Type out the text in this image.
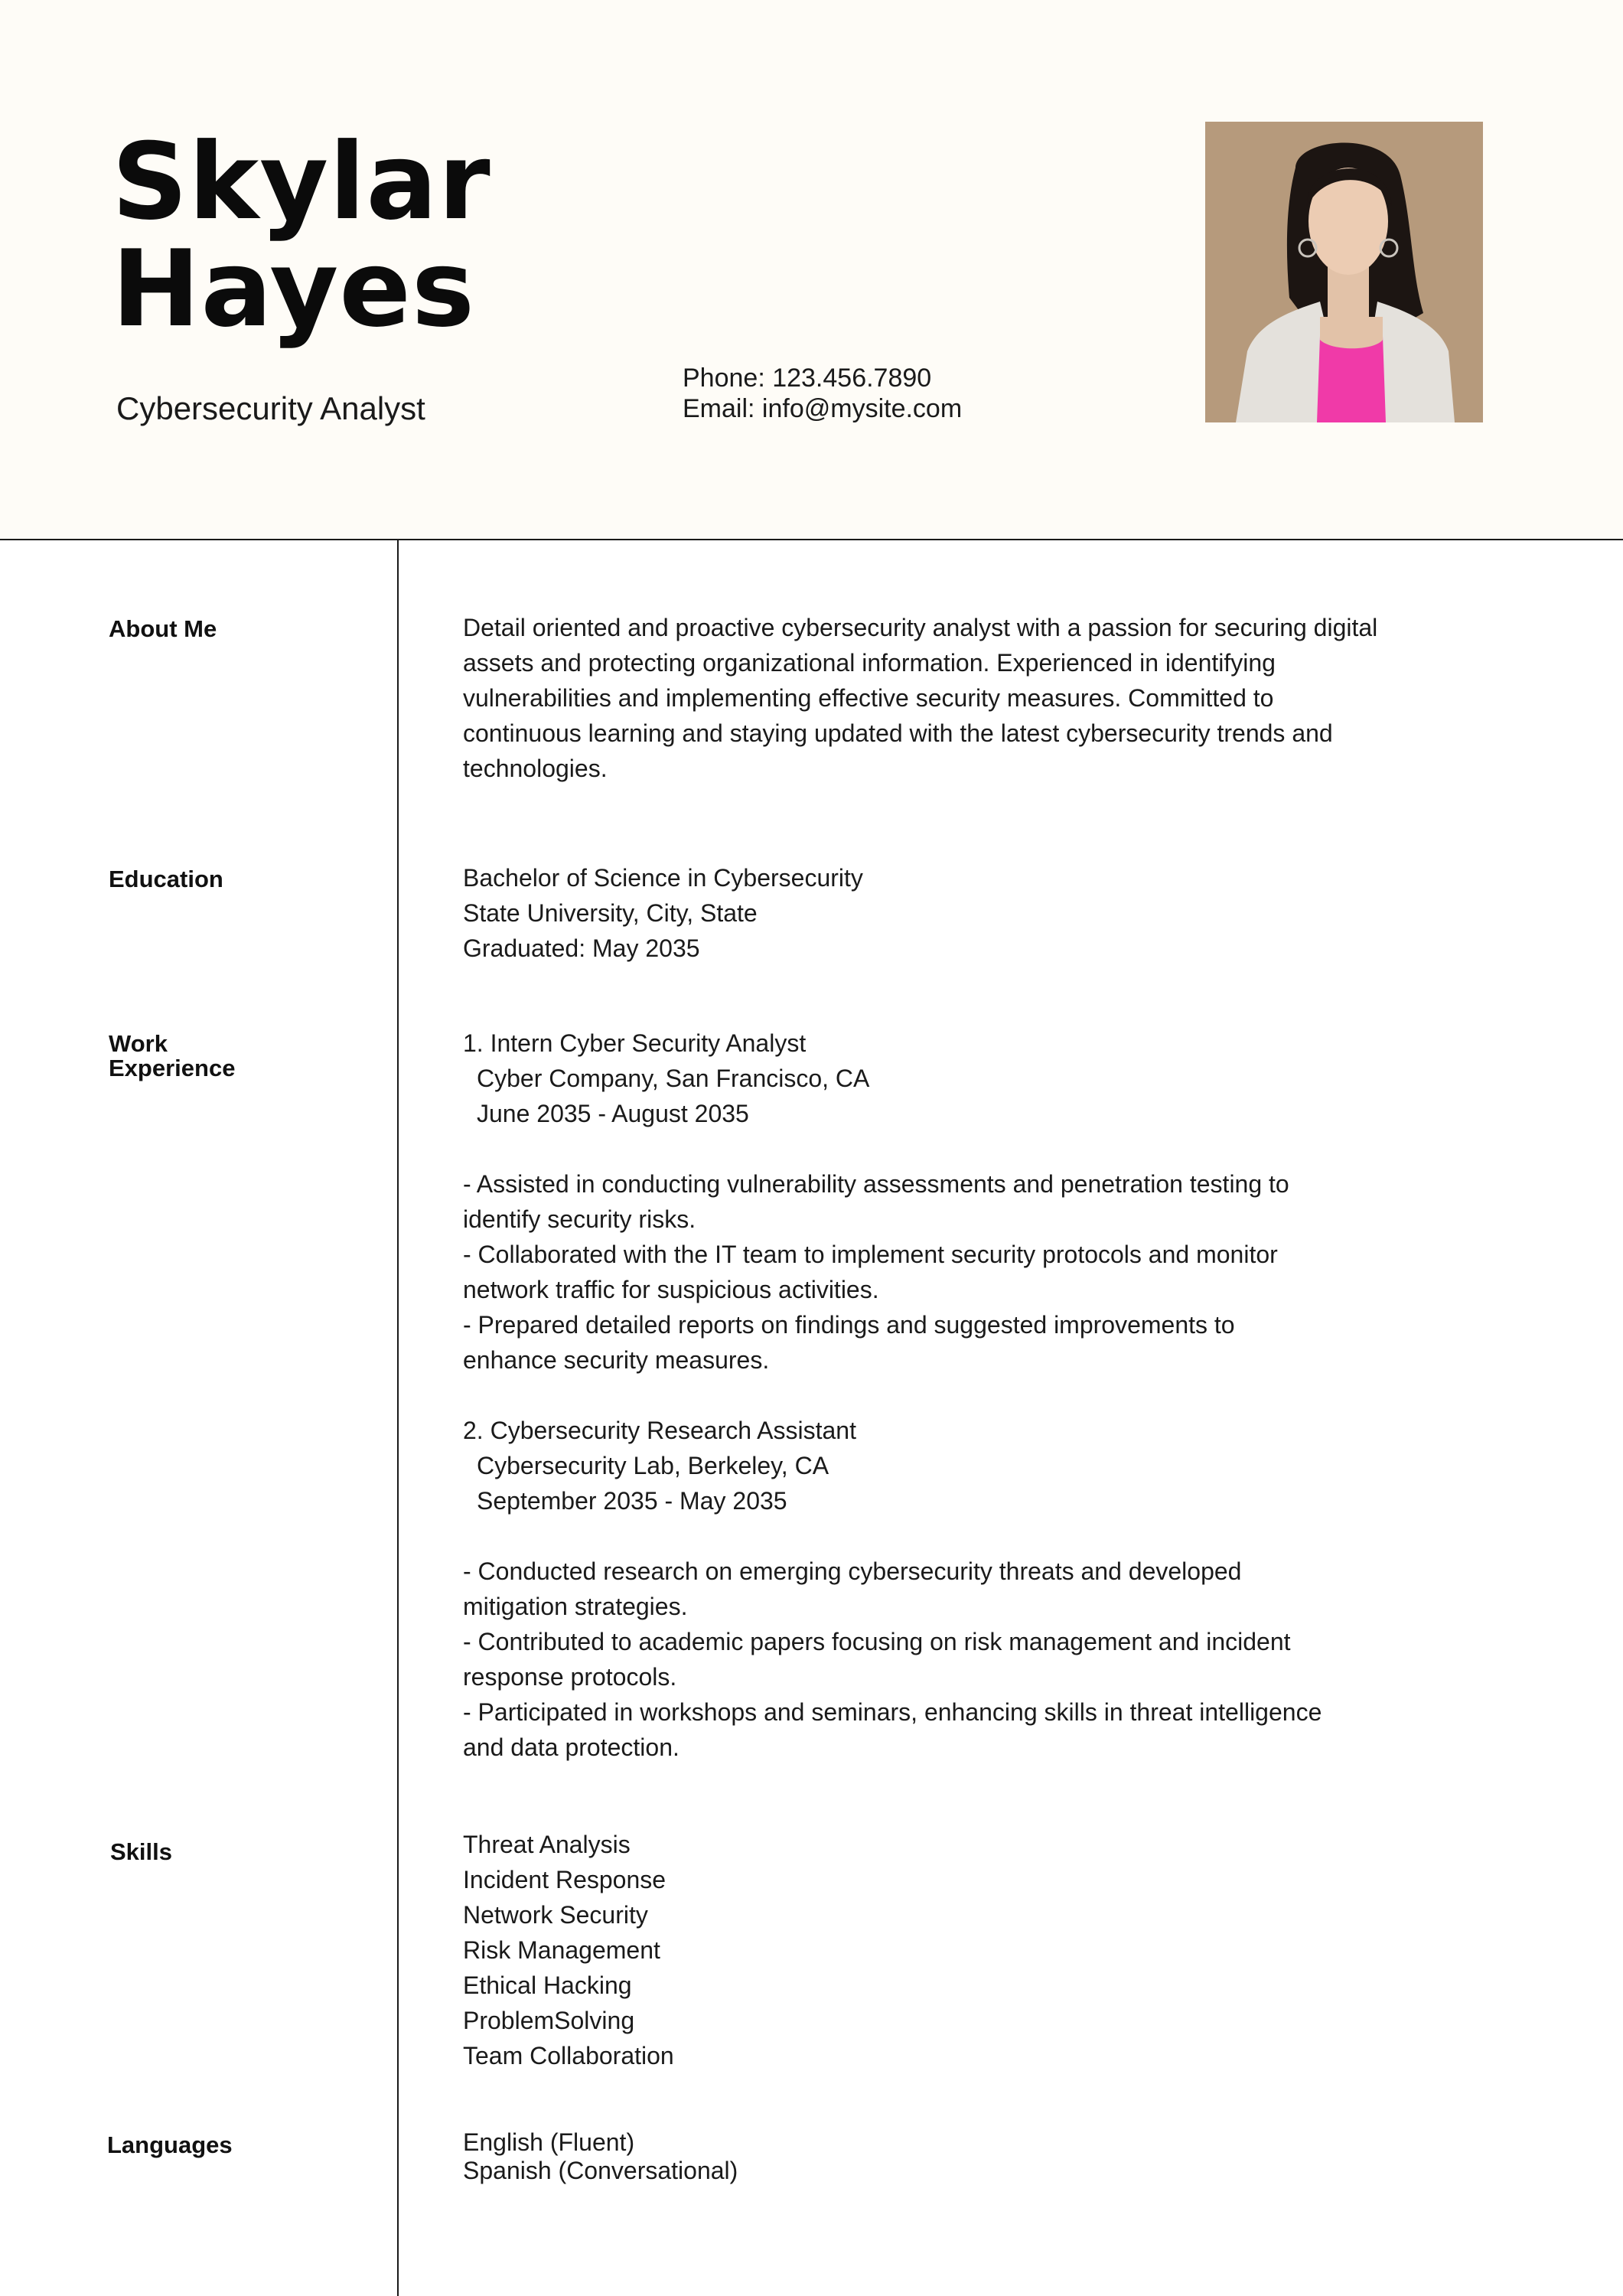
Skylar
Hayes
Cybersecurity Analyst
Phone: 123.456.7890
Email: info@mysite.com
About Me	Detail oriented and proactive cybersecurity analyst with a passion for securing digital
assets and protecting organizational information. Experienced in identifying
vulnerabilities and implementing effective security measures. Committed to
continuous learning and staying updated with the latest cybersecurity trends and
technologies.
Education	Bachelor of Science in Cybersecurity
State University, City, State
Graduated: May 2035
Work
Experience
1. Intern Cyber Security Analyst
Cyber Company, San Francisco, CA
June 2035 - August 2035
- Assisted in conducting vulnerability assessments and penetration testing to
identify security risks.
- Collaborated with the IT team to implement security protocols and monitor
network traffic for suspicious activities.
- Prepared detailed reports on findings and suggested improvements to
enhance security measures.
2. Cybersecurity Research Assistant
Cybersecurity Lab, Berkeley, CA
September 2035 - May 2035
- Conducted research on emerging cybersecurity threats and developed
mitigation strategies.
- Contributed to academic papers focusing on risk management and incident
response protocols.
- Participated in workshops and seminars, enhancing skills in threat intelligence
and data protection.
Skills	Threat Analysis
Incident Response
Network Security
Risk Management
Ethical Hacking
ProblemSolving
Team Collaboration
Languages	English (Fluent)
Spanish (Conversational)
